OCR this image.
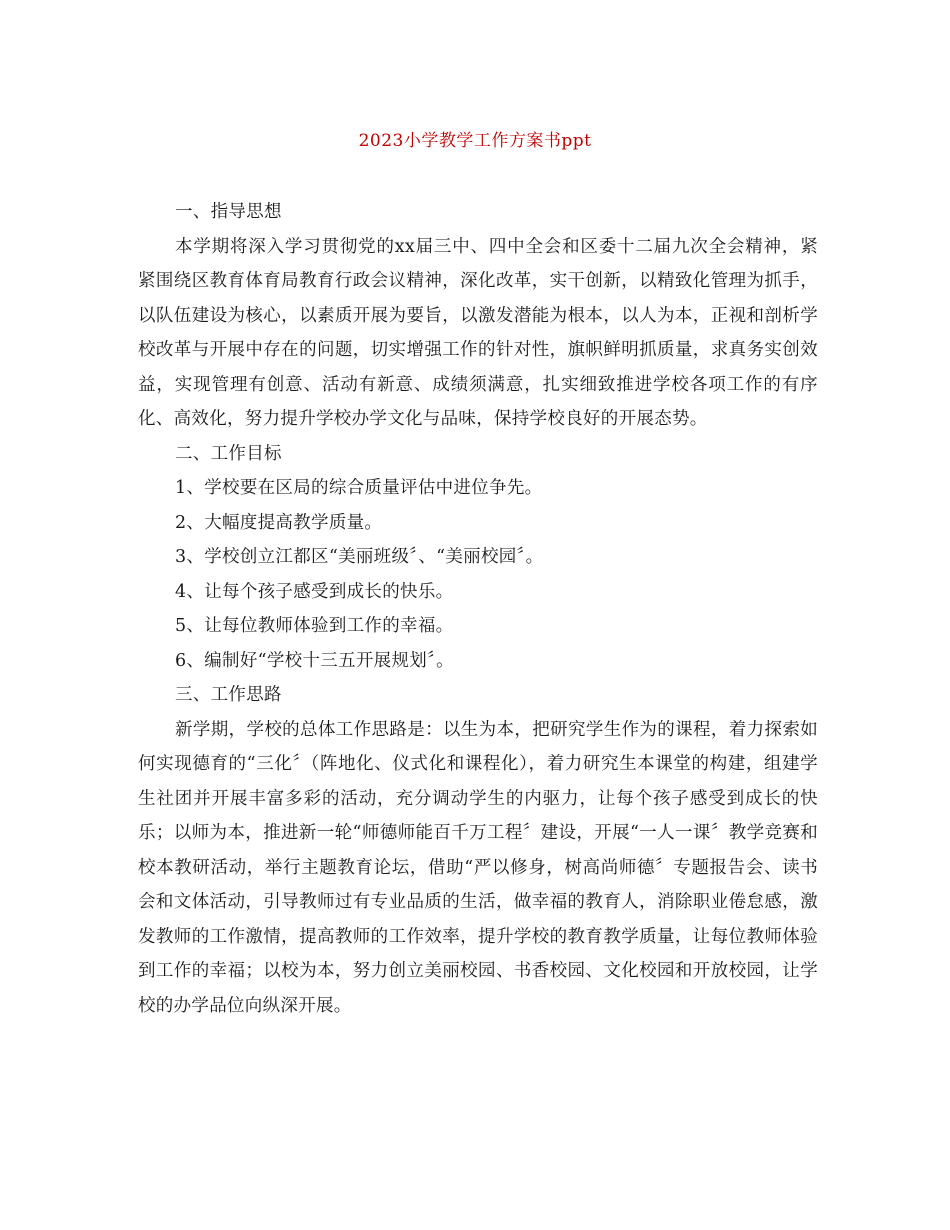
2023小学教学工作方案书ppt

一、指导思想

本学期将深入学习贯彻党的xx届三中、四中全会和区委十二届九次全会精神，紧紧围绕区教育体育局教育行政会议精神，深化改革，实干创新，以精致化管理为抓手，以队伍建设为核心，以素质开展为要旨，以激发潜能为根本，以人为本，正视和剖析学校改革与开展中存在的问题，切实增强工作的针对性，旗帜鲜明抓质量，求真务实创效益，实现管理有创意、活动有新意、成绩须满意，扎实细致推进学校各项工作的有序化、高效化，努力提升学校办学文化与品味，保持学校良好的开展态势。

二、工作目标

1、学校要在区局的综合质量评估中进位争先。

2、大幅度提高教学质量。

3、学校创立江都区“美丽班级〞、“美丽校园〞。

4、让每个孩子感受到成长的快乐。

5、让每位教师体验到工作的幸福。

6、编制好“学校十三五开展规划〞。

三、工作思路

新学期，学校的总体工作思路是：以生为本，把研究学生作为的课程，着力探索如何实现德育的“三化〞（阵地化、仪式化和课程化），着力研究生本课堂的构建，组建学生社团并开展丰富多彩的活动，充分调动学生的内驱力，让每个孩子感受到成长的快乐；以师为本，推进新一轮“师德师能百千万工程〞建设，开展“一人一课〞教学竞赛和校本教研活动，举行主题教育论坛，借助“严以修身，树高尚师德〞专题报告会、读书会和文体活动，引导教师过有专业品质的生活，做幸福的教育人，消除职业倦怠感，激发教师的工作激情，提高教师的工作效率，提升学校的教育教学质量，让每位教师体验到工作的幸福；以校为本，努力创立美丽校园、书香校园、文化校园和开放校园，让学校的办学品位向纵深开展。
